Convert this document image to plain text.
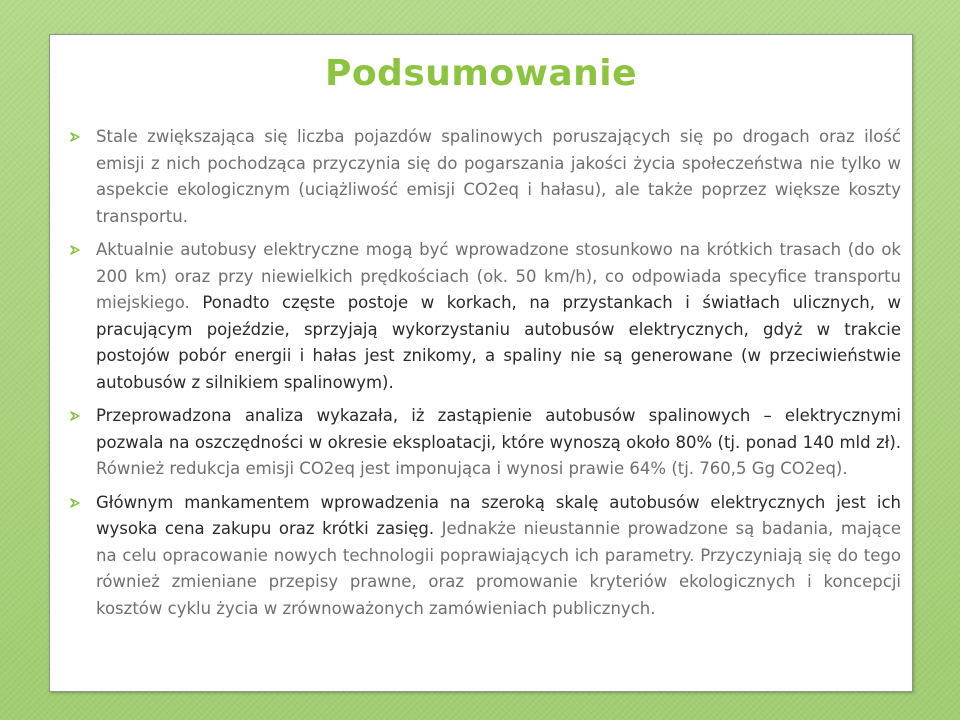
Podsumowanie
Stale zwiększająca się liczba pojazdów spalinowych poruszających się po drogach oraz ilość emisji z nich pochodząca przyczynia się do pogarszania jakości życia społeczeństwa nie tylko w aspekcie ekologicznym (uciążliwość emisji CO2eq i hałasu), ale także poprzez większe koszty transportu.
Aktualnie autobusy elektryczne mogą być wprowadzone stosunkowo na krótkich trasach (do ok 200 km) oraz przy niewielkich prędkościach (ok. 50 km/h), co odpowiada specyfice transportu miejskiego. Ponadto częste postoje w korkach, na przystankach i światłach ulicznych, w pracującym pojeździe, sprzyjają wykorzystaniu autobusów elektrycznych, gdyż w trakcie postojów pobór energii i hałas jest znikomy, a spaliny nie są generowane (w przeciwieństwie autobusów z silnikiem spalinowym).
Przeprowadzona analiza wykazała, iż zastąpienie autobusów spalinowych – elektrycznymi pozwala na oszczędności w okresie eksploatacji, które wynoszą około 80% (tj. ponad 140 mld zł). Również redukcja emisji CO2eq jest imponująca i wynosi prawie 64% (tj. 760,5 Gg CO2eq).
Głównym mankamentem wprowadzenia na szeroką skalę autobusów elektrycznych jest ich wysoka cena zakupu oraz krótki zasięg. Jednakże nieustannie prowadzone są badania, mające na celu opracowanie nowych technologii poprawiających ich parametry. Przyczyniają się do tego również zmieniane przepisy prawne, oraz promowanie kryteriów ekologicznych i koncepcji kosztów cyklu życia w zrównoważonych zamówieniach publicznych.
